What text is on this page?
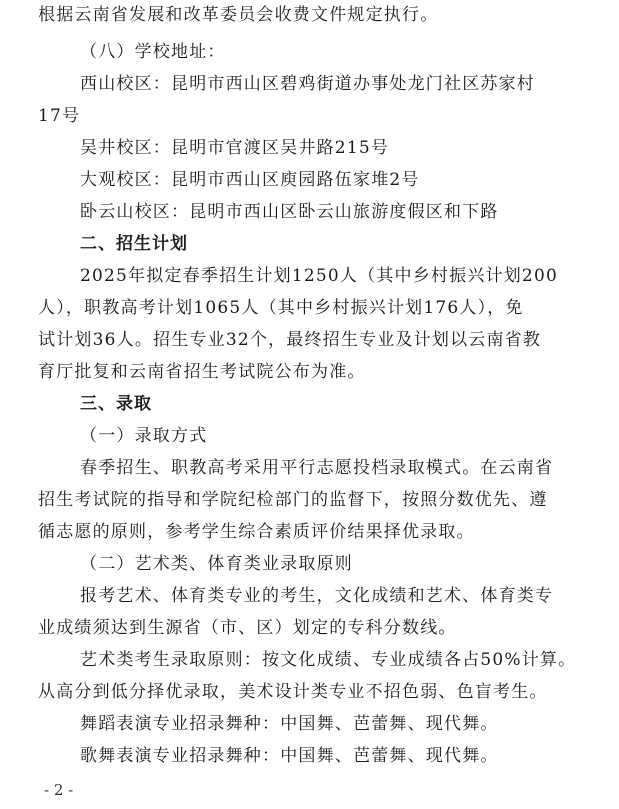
根据云南省发展和改革委员会收费文件规定执行。
（八）学校地址：
西山校区：昆明市西山区碧鸡街道办事处龙门社区苏家村
17号
吴井校区：昆明市官渡区吴井路215号
大观校区：昆明市西山区庾园路伍家堆2号
卧云山校区：昆明市西山区卧云山旅游度假区和下路
二、招生计划
2025年拟定春季招生计划1250人（其中乡村振兴计划200
人），职教高考计划1065人（其中乡村振兴计划176人），免
试计划36人。招生专业32个，最终招生专业及计划以云南省教
育厅批复和云南省招生考试院公布为准。
三、录取
（一）录取方式
春季招生、职教高考采用平行志愿投档录取模式。在云南省
招生考试院的指导和学院纪检部门的监督下，按照分数优先、遵
循志愿的原则，参考学生综合素质评价结果择优录取。
（二）艺术类、体育类业录取原则
报考艺术、体育类专业的考生，文化成绩和艺术、体育类专
业成绩须达到生源省（市、区）划定的专科分数线。
艺术类考生录取原则：按文化成绩、专业成绩各占50%计算。
从高分到低分择优录取，美术设计类专业不招色弱、色盲考生。
舞蹈表演专业招录舞种：中国舞、芭蕾舞、现代舞。
歌舞表演专业招录舞种：中国舞、芭蕾舞、现代舞。
- 2 -
